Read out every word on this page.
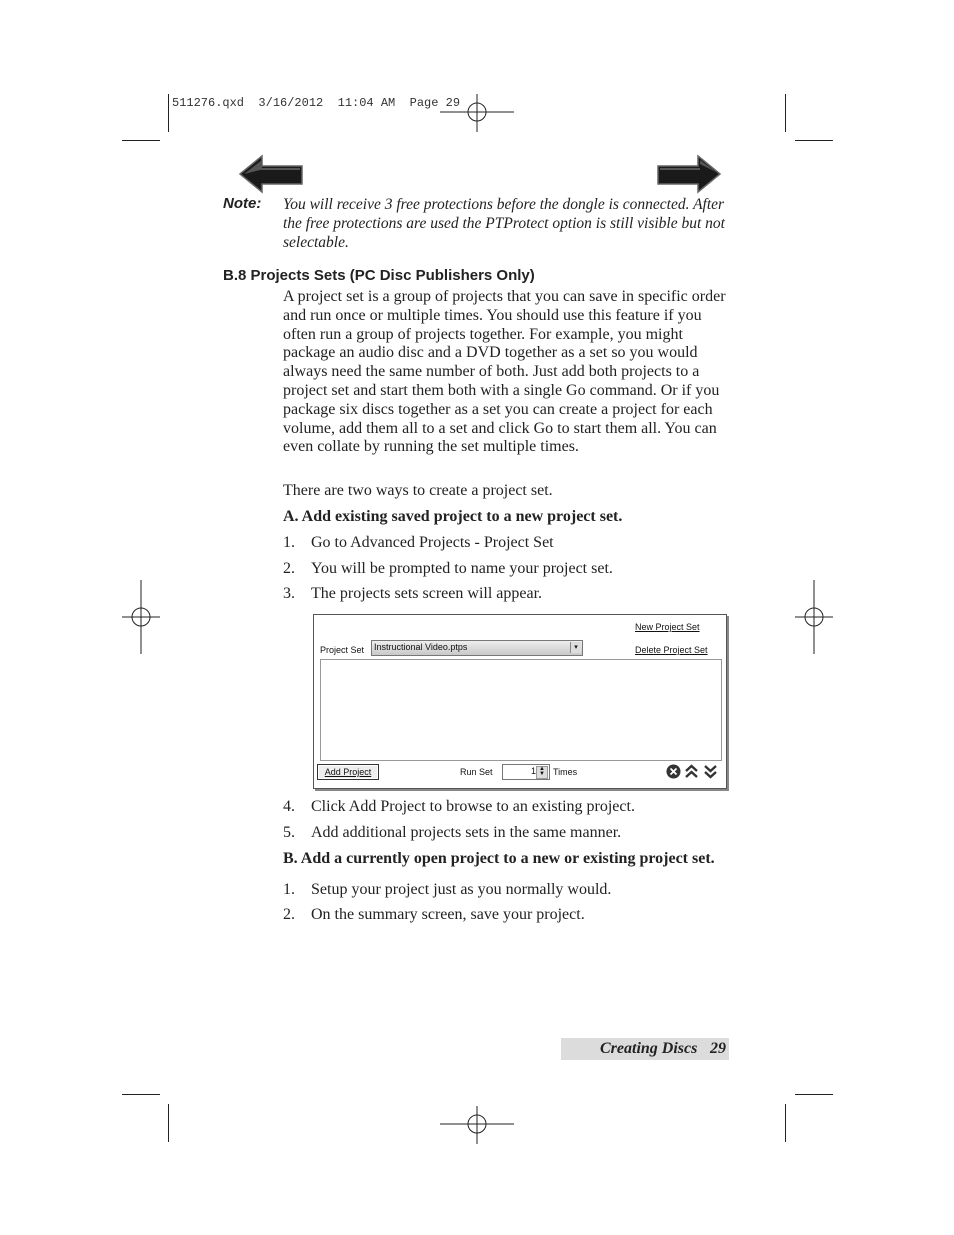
511276.qxd  3/16/2012  11:04 AM  Page 29
Note: You will receive 3 free protections before the dongle is connected. After the free protections are used the PTProtect option is still visible but not selectable.
B.8 Projects Sets (PC Disc Publishers Only)
A project set is a group of projects that you can save in specific order and run once or multiple times. You should use this feature if you often run a group of projects together. For example, you might package an audio disc and a DVD together as a set so you would always need the same number of both. Just add both projects to a project set and start them both with a single Go command. Or if you package six discs together as a set you can create a project for each volume, add them all to a set and click Go to start them all. You can even collate by running the set multiple times.
There are two ways to create a project set.
A. Add existing saved project to a new project set.
1. Go to Advanced Projects - Project Set
2. You will be prompted to name your project set.
3. The projects sets screen will appear.
New Project Set
Delete Project Set
Project Set Instructional Video.ptps	▾
Add Project	Run Set	1 ▲
▼ Times
4. Click Add Project to browse to an existing project.
5. Add additional projects sets in the same manner.
B. Add a currently open project to a new or existing project set.
1. Setup your project just as you normally would.
2. On the summary screen, save your project.
Creating Discs 29
